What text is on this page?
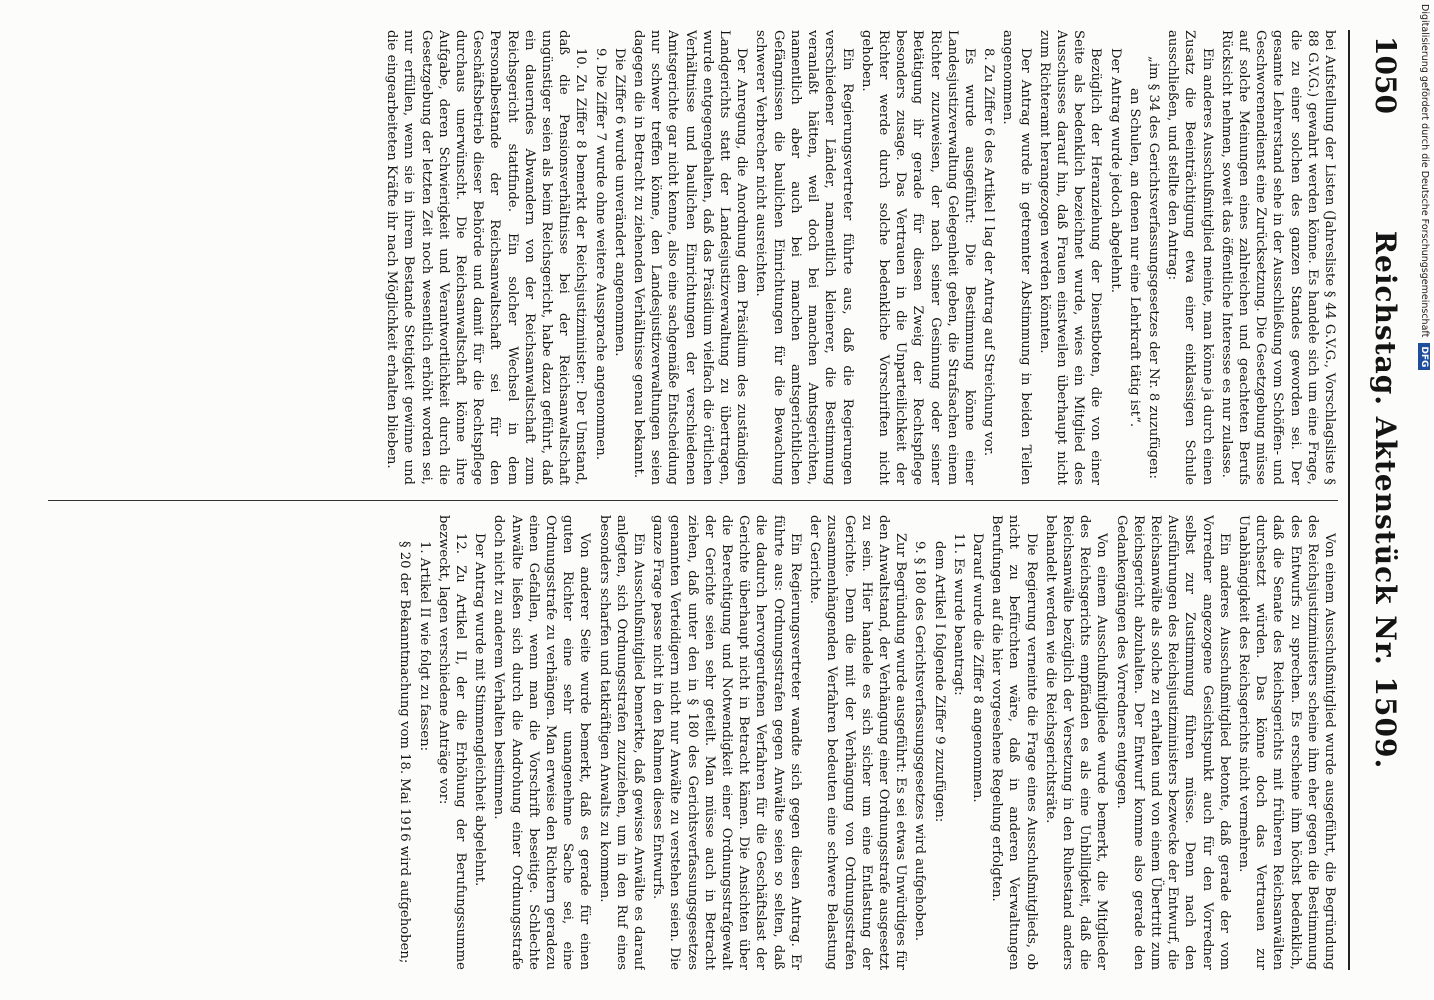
1050
Reichstag. Aktenstück Nr. 1509.

bei Aufstellung der Listen (Jahresliste § 44 G.V.G., Vorschlagsliste § 88 G.V.G.) gewahrt werden könne. Es handele sich um eine Frage, die zu einer solchen des ganzen Standes geworden sei. Der gesamte Lehrerstand sehe in der Ausschließung vom Schöffen- und Geschworenendienst eine Zurücksetzung. Die Gesetzgebung müsse auf solche Meinungen eines zahlreichen und geachteten Berufs Rücksicht nehmen, soweit das öffentliche Interesse es nur zulasse.

Ein anderes Ausschußmitglied meinte, man könne ja durch einen Zusatz die Beeinträchtigung etwa einer einklassigen Schule ausschließen, und stellte den Antrag:

„im § 34 des Gerichtsverfassungsgesetzes der Nr. 8 zuzufügen:

an Schulen, an denen nur eine Lehrkraft tätig ist“.

Der Antrag wurde jedoch abgelehnt.

Bezüglich der Heranziehung der Dienstboten, die von einer Seite als bedenklich bezeichnet wurde, wies ein Mitglied des Ausschusses darauf hin, daß Frauen einstweilen überhaupt nicht zum Richteramt herangezogen werden könnten.

Der Antrag wurde in getrennter Abstimmung in beiden Teilen angenommen.

8. Zu Ziffer 6 des Artikel I lag der Antrag auf Streichung vor.

Es wurde ausgeführt: Die Bestimmung könne einer Landesjustizverwaltung Gelegenheit geben, die Strafsachen einem Richter zuzuweisen, der nach seiner Gesinnung oder seiner Betätigung ihr gerade für diesen Zweig der Rechtspflege besonders zusage. Das Vertrauen in die Unparteilichkeit der Richter werde durch solche bedenkliche Vorschriften nicht gehoben.

Ein Regierungsvertreter führte aus, daß die Regierungen verschiedener Länder, namentlich kleinerer, die Bestimmung veranlaßt hätten, weil doch bei manchen Amtsgerichten, namentlich aber auch bei manchen amtsgerichtlichen Gefängnissen die baulichen Einrichtungen für die Bewachung schwerer Verbrecher nicht ausreichten.

Der Anregung, die Anordnung dem Präsidium des zuständigen Landgerichts statt der Landesjustizverwaltung zu übertragen, wurde entgegengehalten, daß das Präsidium vielfach die örtlichen Verhältnisse und baulichen Einrichtungen der verschiedenen Amtsgerichte gar nicht kenne, also eine sachgemäße Entscheidung nur schwer treffen könne, den Landesjustizverwaltungen seien dagegen die in Betracht zu ziehenden Verhältnisse genau bekannt.

Die Ziffer 6 wurde unverändert angenommen.

9. Die Ziffer 7 wurde ohne weitere Aussprache angenommen.

10. Zu Ziffer 8 bemerkt der Reichsjustizminister: Der Umstand, daß die Pensionsverhältnisse bei der Reichsanwaltschaft ungünstiger seien als beim Reichsgericht, habe dazu geführt, daß ein dauerndes Abwandern von der Reichsanwaltschaft zum Reichsgericht stattfinde. Ein solcher Wechsel in dem Personalbestande der Reichsanwaltschaft sei für den Geschäftsbetrieb dieser Behörde und damit für die Rechtspflege durchaus unerwünscht. Die Reichsanwaltschaft könne ihre Aufgabe, deren Schwierigkeit und Verantwortlichkeit durch die Gesetzgebung der letzten Zeit noch wesentlich erhöht worden sei, nur erfüllen, wenn sie in ihrem Bestande Stetigkeit gewinne und die eingearbeiteten Kräfte ihr nach Möglichkeit erhalten blieben.

Von einem Ausschußmitglied wurde ausgeführt, die Begründung des Reichsjustizministers scheine ihm eher gegen die Bestimmung des Entwurfs zu sprechen. Es erscheine ihm höchst bedenklich, daß die Senate des Reichsgerichts mit früheren Reichsanwälten durchsetzt würden. Das könne doch das Vertrauen zur Unabhängigkeit des Reichsgerichts nicht vermehren.

Ein anderes Ausschußmitglied betonte, daß gerade der vom Vorredner angezogene Gesichtspunkt auch für den Vorredner selbst zur Zustimmung führen müsse. Denn nach den Ausführungen des Reichsjustizministers bezwecke der Entwurf, die Reichsanwälte als solche zu erhalten und von einem Übertritt zum Reichsgericht abzuhalten. Der Entwurf komme also gerade den Gedankengängen des Vorredners entgegen.

Von einem Ausschußmitgliede wurde bemerkt, die Mitglieder des Reichsgerichts empfänden es als eine Unbilligkeit, daß die Reichsanwälte bezüglich der Versetzung in den Ruhestand anders behandelt werden wie die Reichsgerichtsräte.

Die Regierung verneinte die Frage eines Ausschußmitglieds, ob nicht zu befürchten wäre, daß in anderen Verwaltungen Berufungen auf die hier vorgesehene Regelung erfolgten.

Darauf wurde die Ziffer 8 angenommen.

11. Es wurde beantragt:

dem Artikel I folgende Ziffer 9 zuzufügen:

9. § 180 des Gerichtsverfassungsgesetzes wird aufgehoben.

Zur Begründung wurde ausgeführt: Es sei etwas Unwürdiges für den Anwaltstand, der Verhängung einer Ordnungsstrafe ausgesetzt zu sein. Hier handele es sich sicher um eine Entlastung der Gerichte. Denn die mit der Verhängung von Ordnungsstrafen zusammenhängenden Verfahren bedeuten eine schwere Belastung der Gerichte.

Ein Regierungsvertreter wandte sich gegen diesen Antrag. Er führte aus: Ordnungsstrafen gegen Anwälte seien so selten, daß die dadurch hervorgerufenen Verfahren für die Geschäftslast der Gerichte überhaupt nicht in Betracht kämen. Die Ansichten über die Berechtigung und Notwendigkeit einer Ordnungsstrafgewalt der Gerichte seien sehr geteilt. Man müsse auch in Betracht ziehen, daß unter den in § 180 des Gerichtsverfassungsgesetzes genannten Verteidigern nicht nur Anwälte zu verstehen seien. Die ganze Frage passe nicht in den Rahmen dieses Entwurfs.

Ein Ausschußmitglied bemerkte, daß gewisse Anwälte es darauf anlegten, sich Ordnungsstrafen zuzuziehen, um in den Ruf eines besonders scharfen und tatkräftigen Anwalts zu kommen.

Von anderer Seite wurde bemerkt, daß es gerade für einen guten Richter eine sehr unangenehme Sache sei, eine Ordnungsstrafe zu verhängen. Man erweise den Richtern geradezu einen Gefallen, wenn man die Vorschrift beseitige. Schlechte Anwälte ließen sich durch die Androhung einer Ordnungsstrafe doch nicht zu anderem Verhalten bestimmen.

Der Antrag wurde mit Stimmengleichheit abgelehnt.

12. Zu Artikel II, der die Erhöhung der Berufungssumme bezweckt, lagen verschiedene Anträge vor:

1. Artikel II wie folgt zu fassen:

§ 20 der Bekanntmachung vom 18. Mai 1916 wird aufgehoben;

Digitalisierung gefördert durch die Deutsche Forschungsgemeinschaft DFG
